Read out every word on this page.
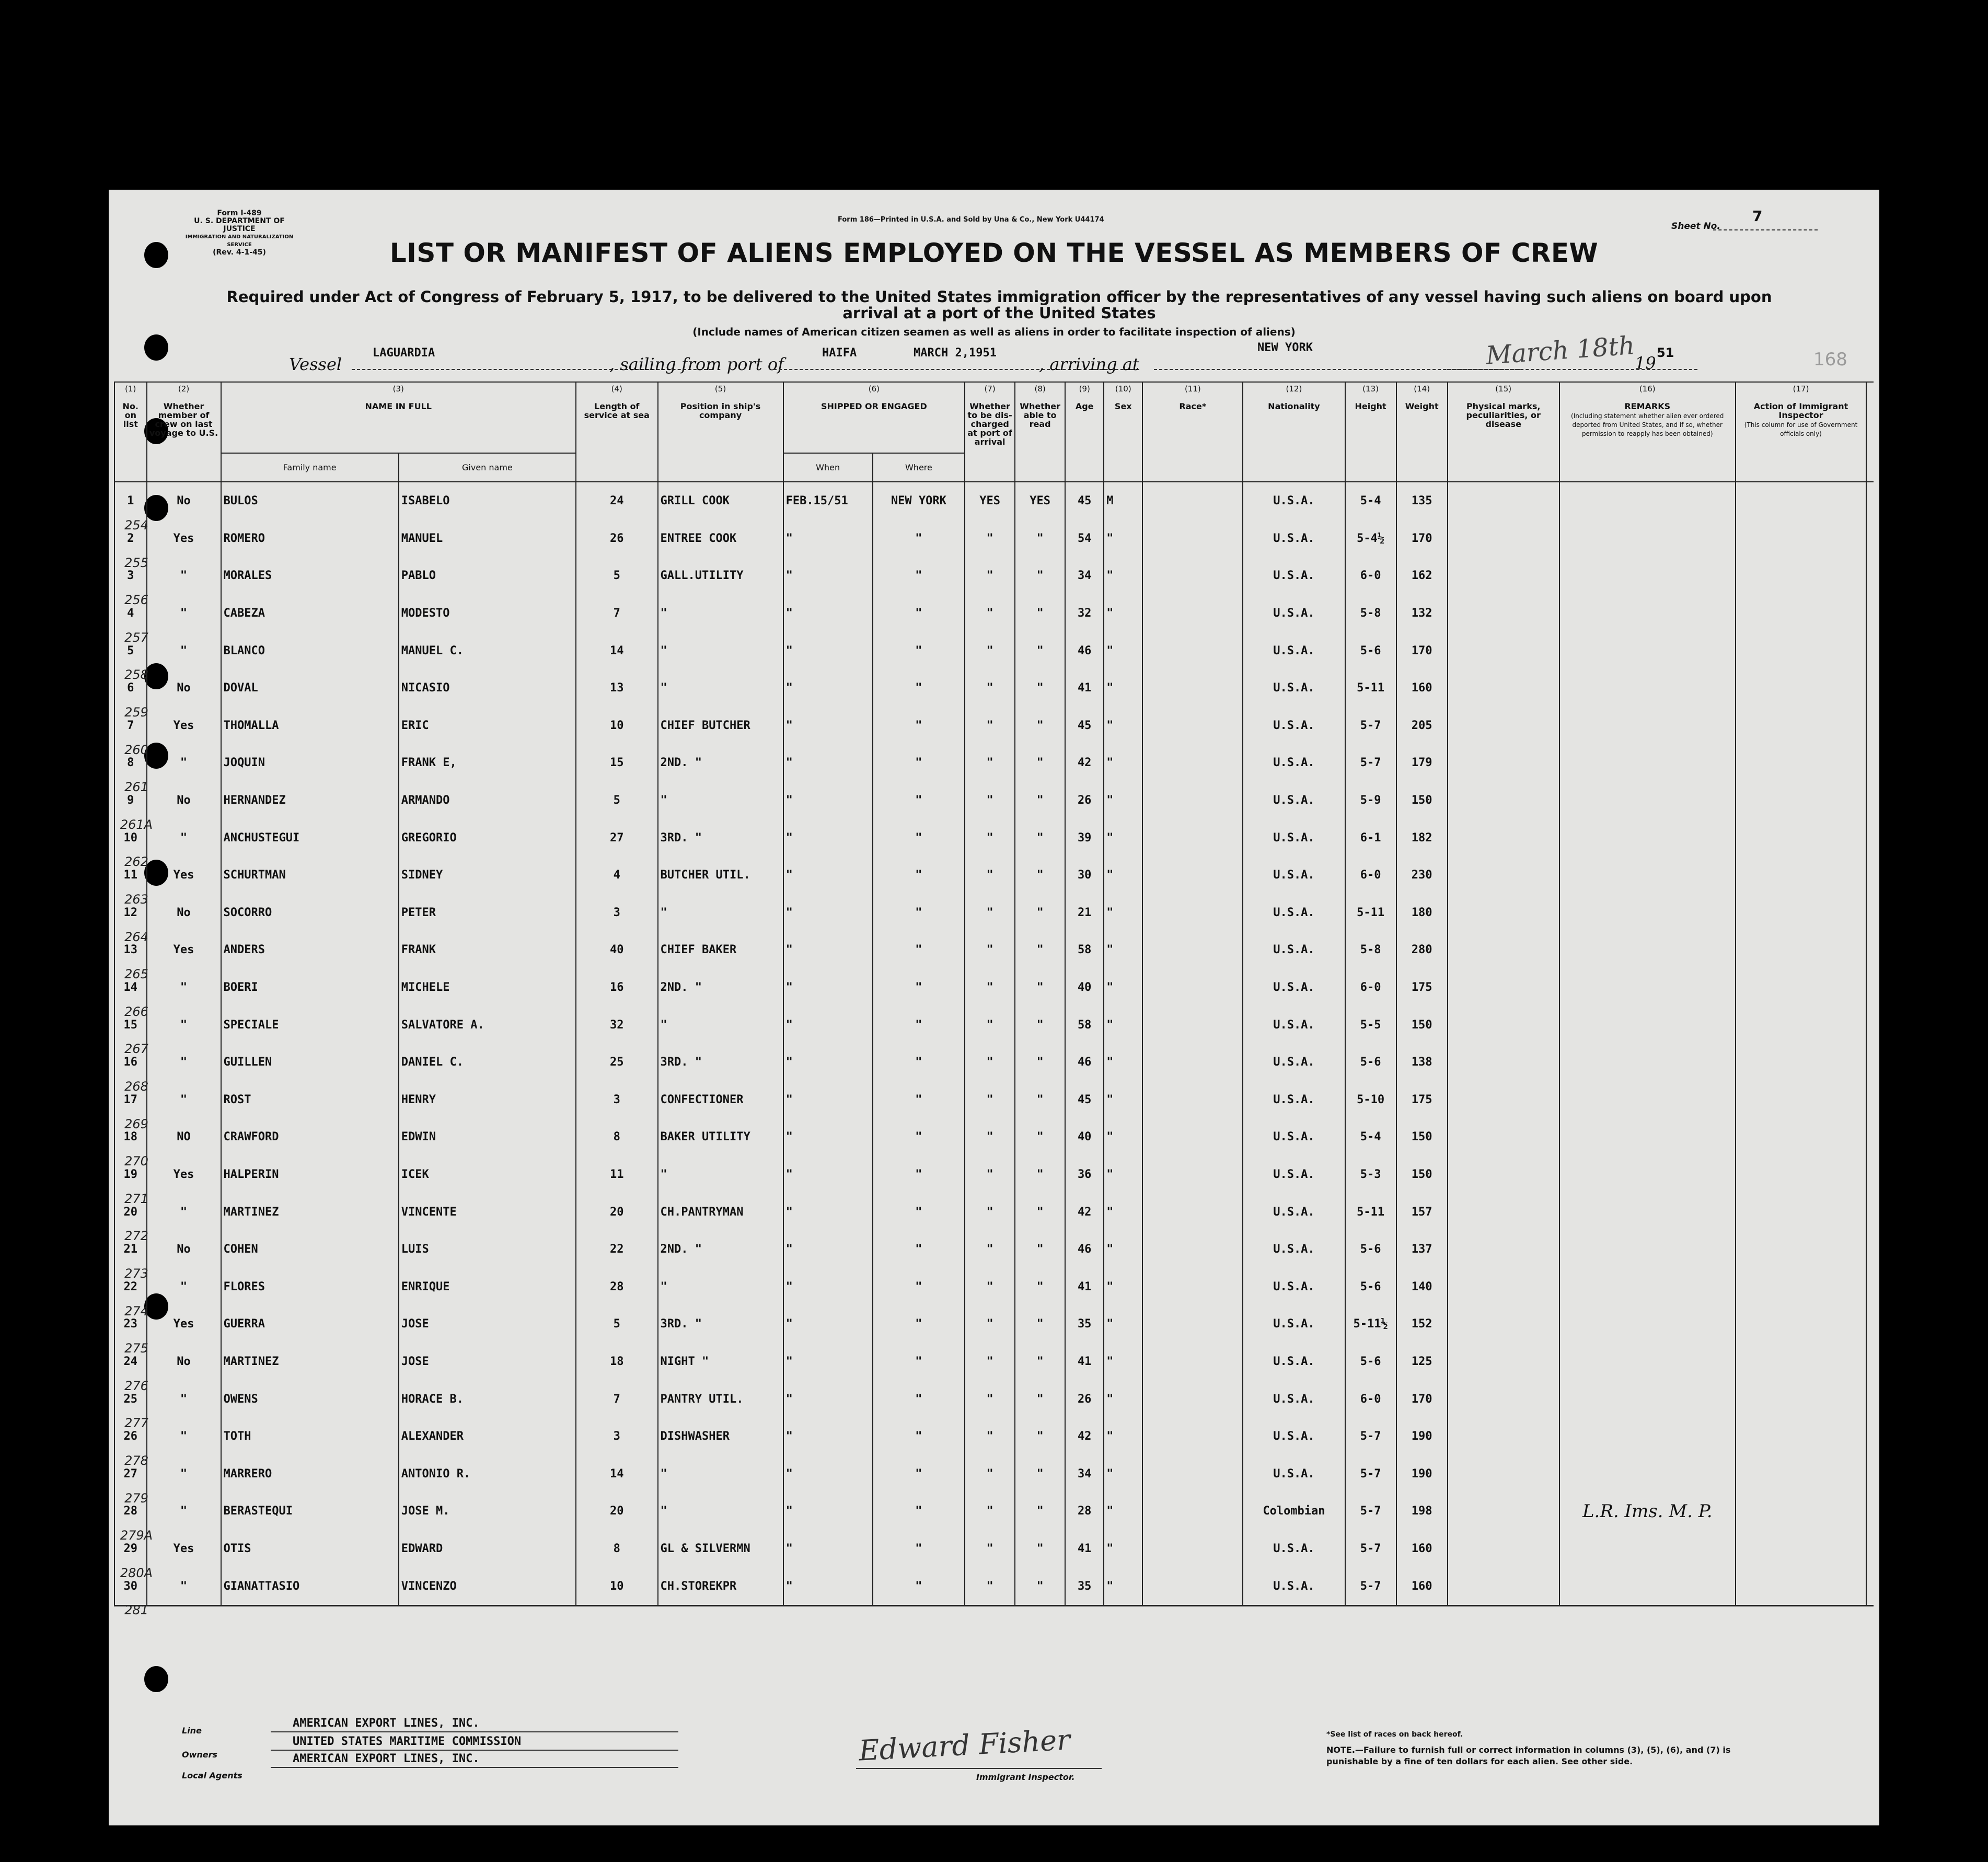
Form I-489
U. S. DEPARTMENT OF JUSTICE
IMMIGRATION AND NATURALIZATION SERVICE
(Rev. 4-1-45)
Form 186—Printed in U.S.A. and Sold by Una & Co., New York U44174
Sheet No.
7
LIST OR MANIFEST OF ALIENS EMPLOYED ON THE VESSEL AS MEMBERS OF CREW
Required under Act of Congress of February 5, 1917, to be delivered to the United States immigration officer by the representatives of any vessel having such aliens on board upon arrival at a port of the United States
(Include names of American citizen seamen as well as aliens in order to facilitate inspection of aliens)
Vessel
LAGUARDIA
, sailing from port of
HAIFA	MARCH 2,1951
, arriving at
NEW YORK	March 18th
19
51	168
254
255
256
257
258
259
260
261
261A
262
263
264
265
266
267
268
269
270
271
272
273
274
275
276
277
278
279
279A
280A
281
(1)
No. on list	(2)
Whether member of crew on last voyage to U.S.	(3)
NAME IN FULL		(4)
Length of service at sea	(5)
Position in ship's company	(6)
SHIPPED OR ENGAGED		(7)
Whether to be dis-charged at port of arrival	(8)
Whether able to read	(9)
Age	(10)
Sex	(11)
Race*	(12)
Nationality	(13)
Height	(14)
Weight	(15)
Physical marks, peculiarities, or disease	(16)
REMARKS
(Including statement whether alien ever ordered deported from United States, and if so, whether permission to reapply has been obtained)	(17)
Action of Immigrant Inspector
(This column for use of Government officials only)	
		Family name	Given name			When	Where												
1	No	BULOS	ISABELO	24	GRILL COOK	FEB.15/51	NEW YORK	YES	YES	45	M		U.S.A.	5-4	135				
2	Yes	ROMERO	MANUEL	26	ENTREE COOK	"	"	"	"	54	"		U.S.A.	5-4½	170				
3	"	MORALES	PABLO	5	GALL.UTILITY	"	"	"	"	34	"		U.S.A.	6-0	162				
4	"	CABEZA	MODESTO	7	"	"	"	"	"	32	"		U.S.A.	5-8	132				
5	"	BLANCO	MANUEL C.	14	"	"	"	"	"	46	"		U.S.A.	5-6	170				
6	No	DOVAL	NICASIO	13	"	"	"	"	"	41	"		U.S.A.	5-11	160				
7	Yes	THOMALLA	ERIC	10	CHIEF BUTCHER	"	"	"	"	45	"		U.S.A.	5-7	205				
8	"	JOQUIN	FRANK E,	15	2ND. "	"	"	"	"	42	"		U.S.A.	5-7	179				
9	No	HERNANDEZ	ARMANDO	5	"	"	"	"	"	26	"		U.S.A.	5-9	150				
10	"	ANCHUSTEGUI	GREGORIO	27	3RD. "	"	"	"	"	39	"		U.S.A.	6-1	182				
11	Yes	SCHURTMAN	SIDNEY	4	BUTCHER UTIL.	"	"	"	"	30	"		U.S.A.	6-0	230				
12	No	SOCORRO	PETER	3	"	"	"	"	"	21	"		U.S.A.	5-11	180				
13	Yes	ANDERS	FRANK	40	CHIEF BAKER	"	"	"	"	58	"		U.S.A.	5-8	280				
14	"	BOERI	MICHELE	16	2ND. "	"	"	"	"	40	"		U.S.A.	6-0	175				
15	"	SPECIALE	SALVATORE A.	32	"	"	"	"	"	58	"		U.S.A.	5-5	150				
16	"	GUILLEN	DANIEL C.	25	3RD. "	"	"	"	"	46	"		U.S.A.	5-6	138				
17	"	ROST	HENRY	3	CONFECTIONER	"	"	"	"	45	"		U.S.A.	5-10	175				
18	NO	CRAWFORD	EDWIN	8	BAKER UTILITY	"	"	"	"	40	"		U.S.A.	5-4	150				
19	Yes	HALPERIN	ICEK	11	"	"	"	"	"	36	"		U.S.A.	5-3	150				
20	"	MARTINEZ	VINCENTE	20	CH.PANTRYMAN	"	"	"	"	42	"		U.S.A.	5-11	157				
21	No	COHEN	LUIS	22	2ND. "	"	"	"	"	46	"		U.S.A.	5-6	137				
22	"	FLORES	ENRIQUE	28	"	"	"	"	"	41	"		U.S.A.	5-6	140				
23	Yes	GUERRA	JOSE	5	3RD. "	"	"	"	"	35	"		U.S.A.	5-11½	152				
24	No	MARTINEZ	JOSE	18	NIGHT "	"	"	"	"	41	"		U.S.A.	5-6	125				
25	"	OWENS	HORACE B.	7	PANTRY UTIL.	"	"	"	"	26	"		U.S.A.	6-0	170				
26	"	TOTH	ALEXANDER	3	DISHWASHER	"	"	"	"	42	"		U.S.A.	5-7	190				
27	"	MARRERO	ANTONIO R.	14	"	"	"	"	"	34	"		U.S.A.	5-7	190				
28	"	BERASTEQUI	JOSE M.	20	"	"	"	"	"	28	"		Colombian	5-7	198		L.R. Ims. M. P.		
29	Yes	OTIS	EDWARD	8	GL & SILVERMN	"	"	"	"	41	"		U.S.A.	5-7	160				
30	"	GIANATTASIO	VINCENZO	10	CH.STOREKPR	"	"	"	"	35	"		U.S.A.	5-7	160				
Line
AMERICAN EXPORT LINES, INC.
Owners
UNITED STATES MARITIME COMMISSION
Local Agents
AMERICAN EXPORT LINES, INC.	Edward Fisher
Immigrant Inspector.
*See list of races on back hereof.
NOTE.—Failure to furnish full or correct information in columns (3), (5), (6), and (7) is punishable by a fine of ten dollars for each alien. See other side.
